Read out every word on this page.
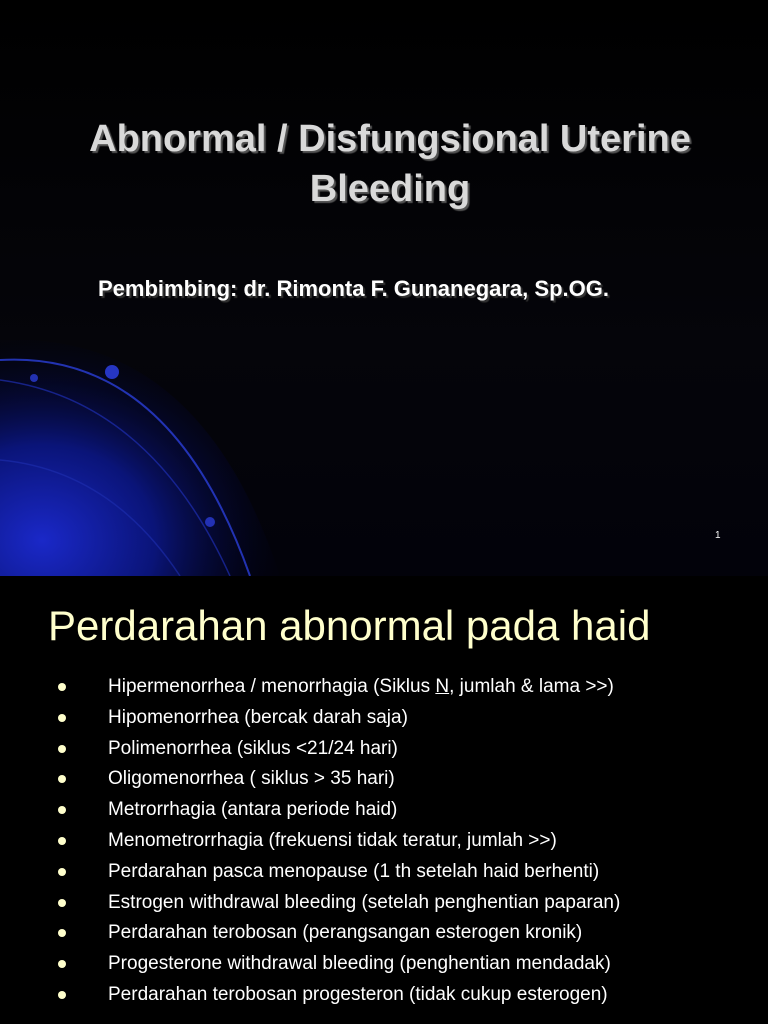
Abnormal / Disfungsional Uterine
Bleeding
Pembimbing: dr. Rimonta F. Gunanegara, Sp.OG.
1
Perdarahan abnormal pada haid
Hipermenorrhea / menorrhagia (Siklus N, jumlah & lama >>)
Hipomenorrhea (bercak darah saja)
Polimenorrhea (siklus <21/24 hari)
Oligomenorrhea ( siklus > 35 hari)
Metrorrhagia (antara periode haid)
Menometrorrhagia (frekuensi tidak teratur, jumlah >>)
Perdarahan pasca menopause (1 th setelah haid berhenti)
Estrogen withdrawal bleeding (setelah penghentian paparan)
Perdarahan terobosan (perangsangan esterogen kronik)
Progesterone withdrawal bleeding (penghentian mendadak)
Perdarahan terobosan progesteron (tidak cukup esterogen)
